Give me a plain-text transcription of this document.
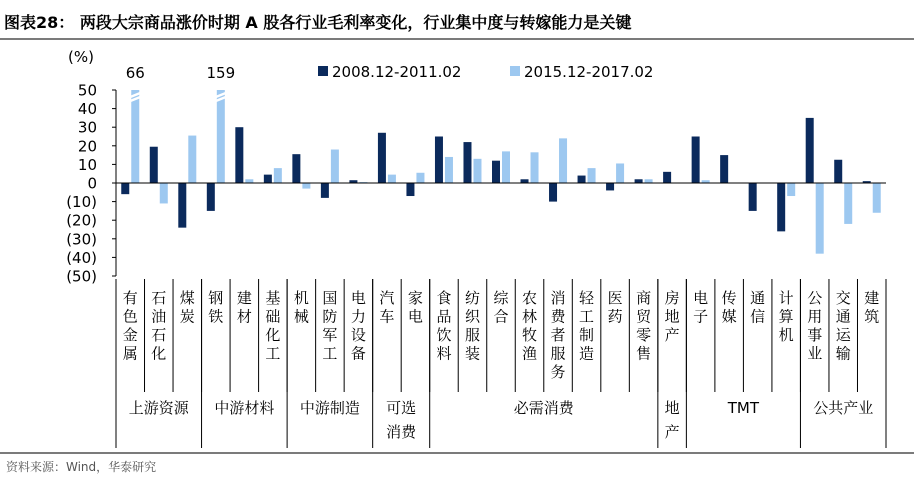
图表28： 两段大宗商品涨价时期 A 股各行业毛利率变化，行业集中度与转嫁能力是关键
(%)
2008.12-2011.02	2015.12-2017.02
50
40
30
20
10
0
(10)
(20)
(30)
(40)
(50)
66	159
有色金属
石油石化
煤炭
钢铁
建材
基础化工
机械
国防军工
电力设备
汽车
家电
食品饮料
纺织服装
综合
农林牧渔
消费者服务
轻工制造
医药
商贸零售
房地产
电子
传媒
通信
计算机
公用事业
交通运输
建筑
上游资源 中游材料 中游制造 可选消费
必需消费	地产
TMT	公共产业
资料来源：Wind，华泰研究
